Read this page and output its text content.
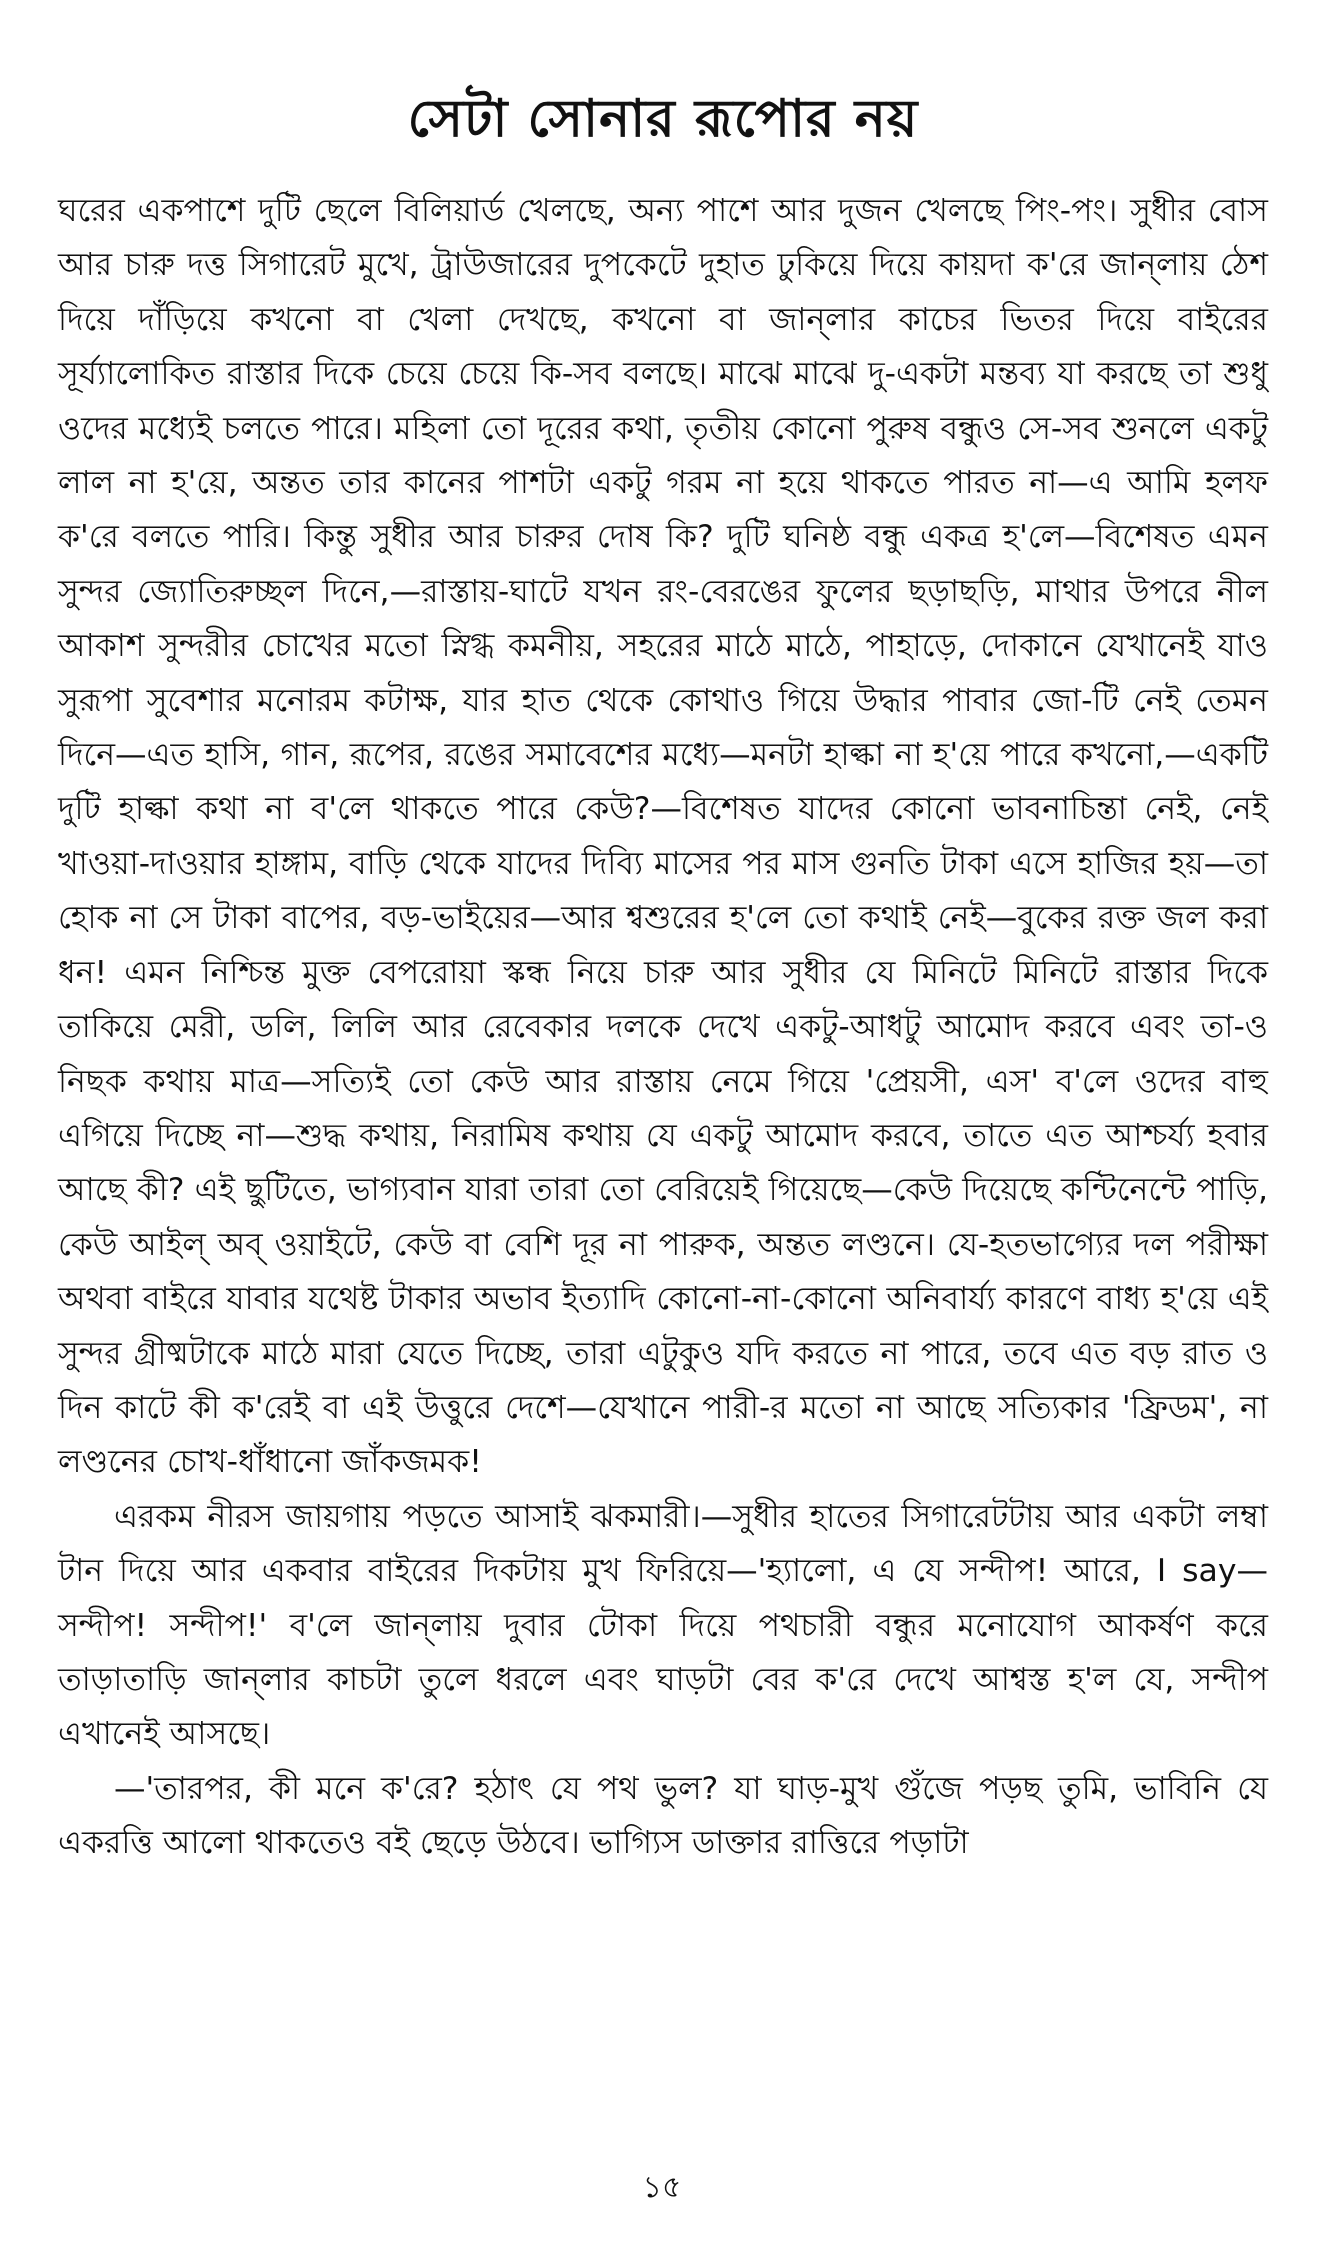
সেটা সোনার রূপোর নয়

ঘরের একপাশে দুটি ছেলে বিলিয়ার্ড খেলছে, অন্য পাশে আর দুজন খেলছে পিং-পং। সুধীর বোস আর চারু দত্ত সিগারেট মুখে, ট্রাউজারের দুপকেটে দুহাত ঢুকিয়ে দিয়ে কায়দা ক'রে জান্‌লায় ঠেশ দিয়ে দাঁড়িয়ে কখনো বা খেলা দেখছে, কখনো বা জান্‌লার কাচের ভিতর দিয়ে বাইরের সূর্য্যালোকিত রাস্তার দিকে চেয়ে চেয়ে কি-সব বলছে। মাঝে মাঝে দু-একটা মন্তব্য যা করছে তা শুধু ওদের মধ্যেই চলতে পারে। মহিলা তো দূরের কথা, তৃতীয় কোনো পুরুষ বন্ধুও সে-সব শুনলে একটু লাল না হ'য়ে, অন্তত তার কানের পাশটা একটু গরম না হয়ে থাকতে পারত না—এ আমি হলফ ক'রে বলতে পারি। কিন্তু সুধীর আর চারুর দোষ কি? দুটি ঘনিষ্ঠ বন্ধু একত্র হ'লে—বিশেষত এমন সুন্দর জ্যোতিরুচ্ছল দিনে,—রাস্তায়-ঘাটে যখন রং-বেরঙের ফুলের ছড়াছড়ি, মাথার উপরে নীল আকাশ সুন্দরীর চোখের মতো স্নিগ্ধ কমনীয়, সহরের মাঠে মাঠে, পাহাড়ে, দোকানে যেখানেই যাও সুরূপা সুবেশার মনোরম কটাক্ষ, যার হাত থেকে কোথাও গিয়ে উদ্ধার পাবার জো-টি নেই তেমন দিনে—এত হাসি, গান, রূপের, রঙের সমাবেশের মধ্যে—মনটা হাল্কা না হ'য়ে পারে কখনো,—একটি দুটি হাল্কা কথা না ব'লে থাকতে পারে কেউ?—বিশেষত যাদের কোনো ভাবনাচিন্তা নেই, নেই খাওয়া-দাওয়ার হাঙ্গাম, বাড়ি থেকে যাদের দিব্যি মাসের পর মাস গুনতি টাকা এসে হাজির হয়—তা হোক না সে টাকা বাপের, বড়-ভাইয়ের—আর শ্বশুরের হ'লে তো কথাই নেই—বুকের রক্ত জল করা ধন! এমন নিশ্চিন্ত মুক্ত বেপরোয়া স্কন্ধ নিয়ে চারু আর সুধীর যে মিনিটে মিনিটে রাস্তার দিকে তাকিয়ে মেরী, ডলি, লিলি আর রেবেকার দলকে দেখে একটু-আধটু আমোদ করবে এবং তা-ও নিছক কথায় মাত্র—সত্যিই তো কেউ আর রাস্তায় নেমে গিয়ে 'প্রেয়সী, এস' ব'লে ওদের বাহু এগিয়ে দিচ্ছে না—শুদ্ধ কথায়, নিরামিষ কথায় যে একটু আমোদ করবে, তাতে এত আশ্চর্য্য হবার আছে কী? এই ছুটিতে, ভাগ্যবান যারা তারা তো বেরিয়েই গিয়েছে—কেউ দিয়েছে কন্টিনেন্টে পাড়ি, কেউ আইল্‌ অব্‌ ওয়াইটে, কেউ বা বেশি দূর না পারুক, অন্তত লণ্ডনে। যে-হতভাগ্যের দল পরীক্ষা অথবা বাইরে যাবার যথেষ্ট টাকার অভাব ইত্যাদি কোনো-না-কোনো অনিবার্য্য কারণে বাধ্য হ'য়ে এই সুন্দর গ্রীষ্মটাকে মাঠে মারা যেতে দিচ্ছে, তারা এটুকুও যদি করতে না পারে, তবে এত বড় রাত ও দিন কাটে কী ক'রেই বা এই উত্তুরে দেশে—যেখানে পারী-র মতো না আছে সত্যিকার 'ফ্রিডম', না লণ্ডনের চোখ-ধাঁধানো জাঁকজমক!

এরকম নীরস জায়গায় পড়তে আসাই ঝকমারী।—সুধীর হাতের সিগারেটটায় আর একটা লম্বা টান দিয়ে আর একবার বাইরের দিকটায় মুখ ফিরিয়ে—'হ্যালো, এ যে সন্দীপ! আরে, I say—সন্দীপ! সন্দীপ!' ব'লে জান্‌লায় দুবার টোকা দিয়ে পথচারী বন্ধুর মনোযোগ আকর্ষণ করে তাড়াতাড়ি জান্‌লার কাচটা তুলে ধরলে এবং ঘাড়টা বের ক'রে দেখে আশ্বস্ত হ'ল যে, সন্দীপ এখানেই আসছে।

—'তারপর, কী মনে ক'রে? হঠাৎ যে পথ ভুল? যা ঘাড়-মুখ গুঁজে পড়ছ তুমি, ভাবিনি যে একরত্তি আলো থাকতেও বই ছেড়ে উঠবে। ভাগ্যিস ডাক্তার রাত্তিরে পড়াটা

১৫
